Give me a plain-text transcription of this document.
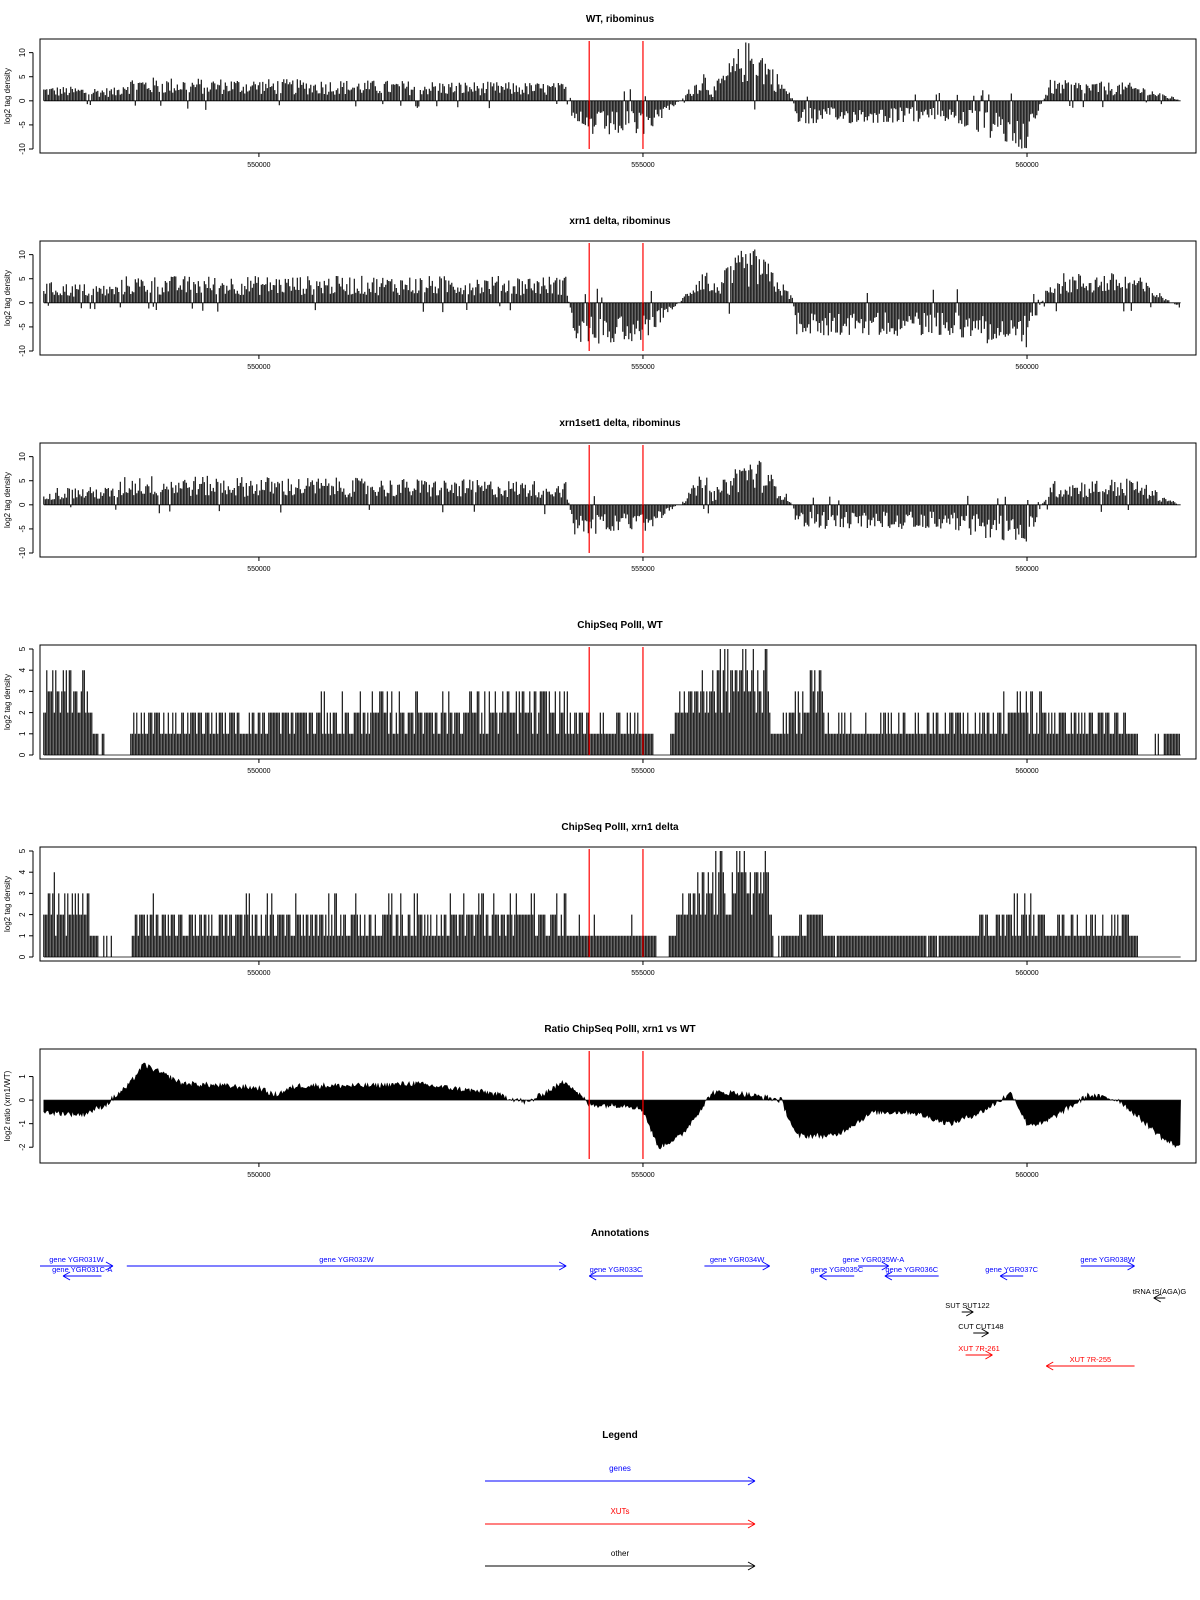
WT, ribominus
-10
-5
0
5
10
log2 tag density
550000	555000	560000
xrn1 delta, ribominus
-10
-5
0
5
10
log2 tag density
550000	555000	560000
xrn1set1 delta, ribominus
-10
-5
0
5
10
log2 tag density
550000	555000	560000
ChipSeq PolII, WT
0
1
2
3
4
5
log2 tag density
550000	555000	560000
ChipSeq PolII, xrn1 delta
0
1
2
3
4
5
log2 tag density
550000	555000	560000
Ratio ChipSeq PolII, xrn1 vs WT
-2
-1
0
1
log2 ratio (xrn1/WT)
550000	555000	560000
Annotations
gene YGR031W
gene YGR031C-A
gene YGR032W
gene YGR033C
gene YGR034W
gene YGR035C
gene YGR035W-A
gene YGR036C	gene YGR037C
gene YGR038W
tRNA tS(AGA)G
SUT SUT122
CUT CUT148
XUT 7R-261
XUT 7R-255
Legend
genes
XUTs
other
